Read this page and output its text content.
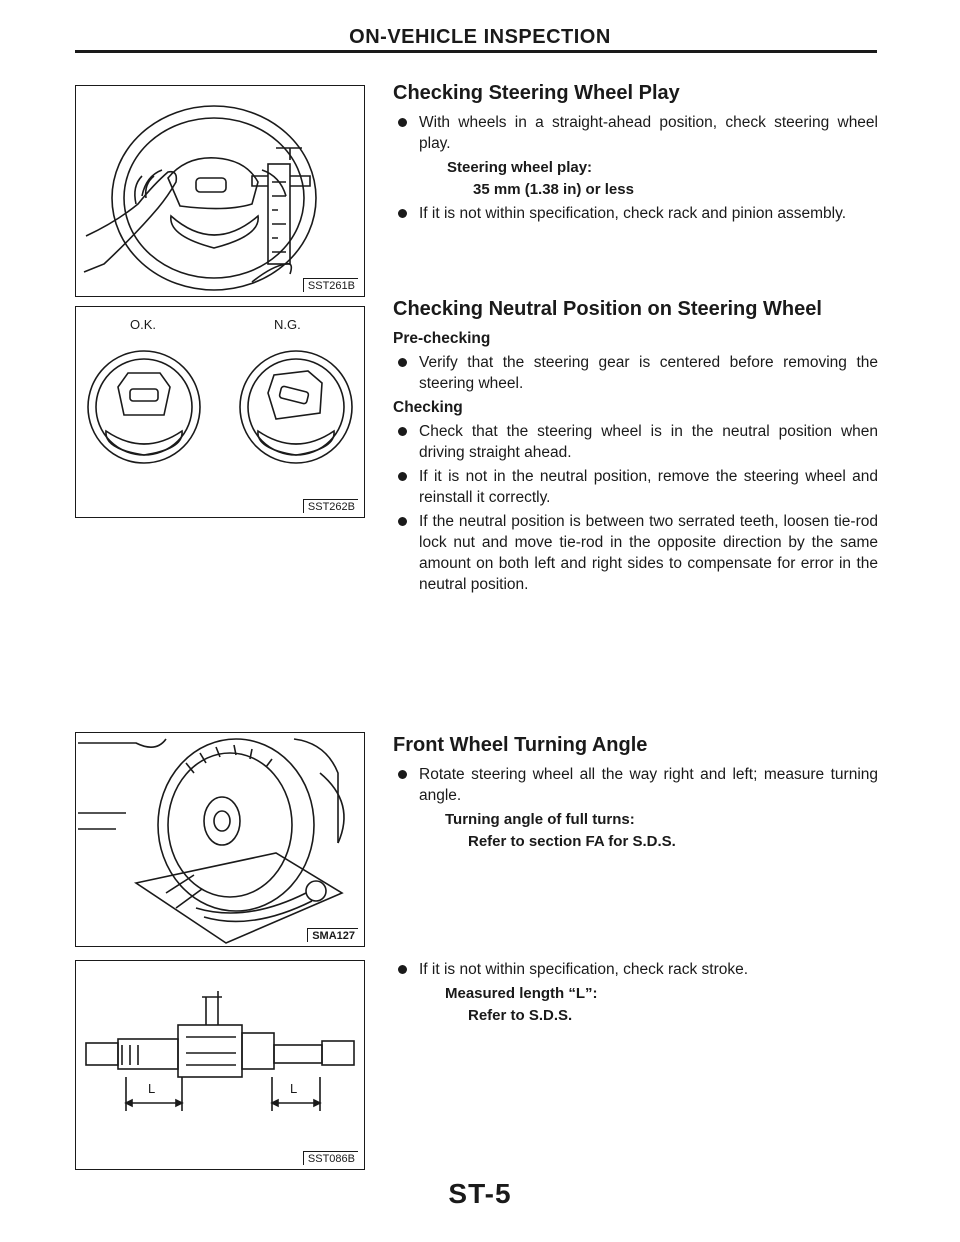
ON-VEHICLE INSPECTION
SST261B
O.K.	N.G.
SST262B
SMA127
L	L
SST086B
Checking Steering Wheel Play
With wheels in a straight-ahead position, check steering wheel play.
Steering wheel play:
35 mm (1.38 in) or less
If it is not within specification, check rack and pinion assembly.
Checking Neutral Position on Steering Wheel
Pre-checking
Verify that the steering gear is centered before removing the steering wheel.
Checking
Check that the steering wheel is in the neutral position when driving straight ahead.
If it is not in the neutral position, remove the steering wheel and reinstall it correctly.
If the neutral position is between two serrated teeth, loosen tie-rod lock nut and move tie-rod in the opposite direction by the same amount on both left and right sides to compensate for error in the neutral position.
Front Wheel Turning Angle
Rotate steering wheel all the way right and left; measure turning angle.
Turning angle of full turns:
Refer to section FA for S.D.S.
If it is not within specification, check rack stroke.
Measured length “L”:
Refer to S.D.S.
ST-5
